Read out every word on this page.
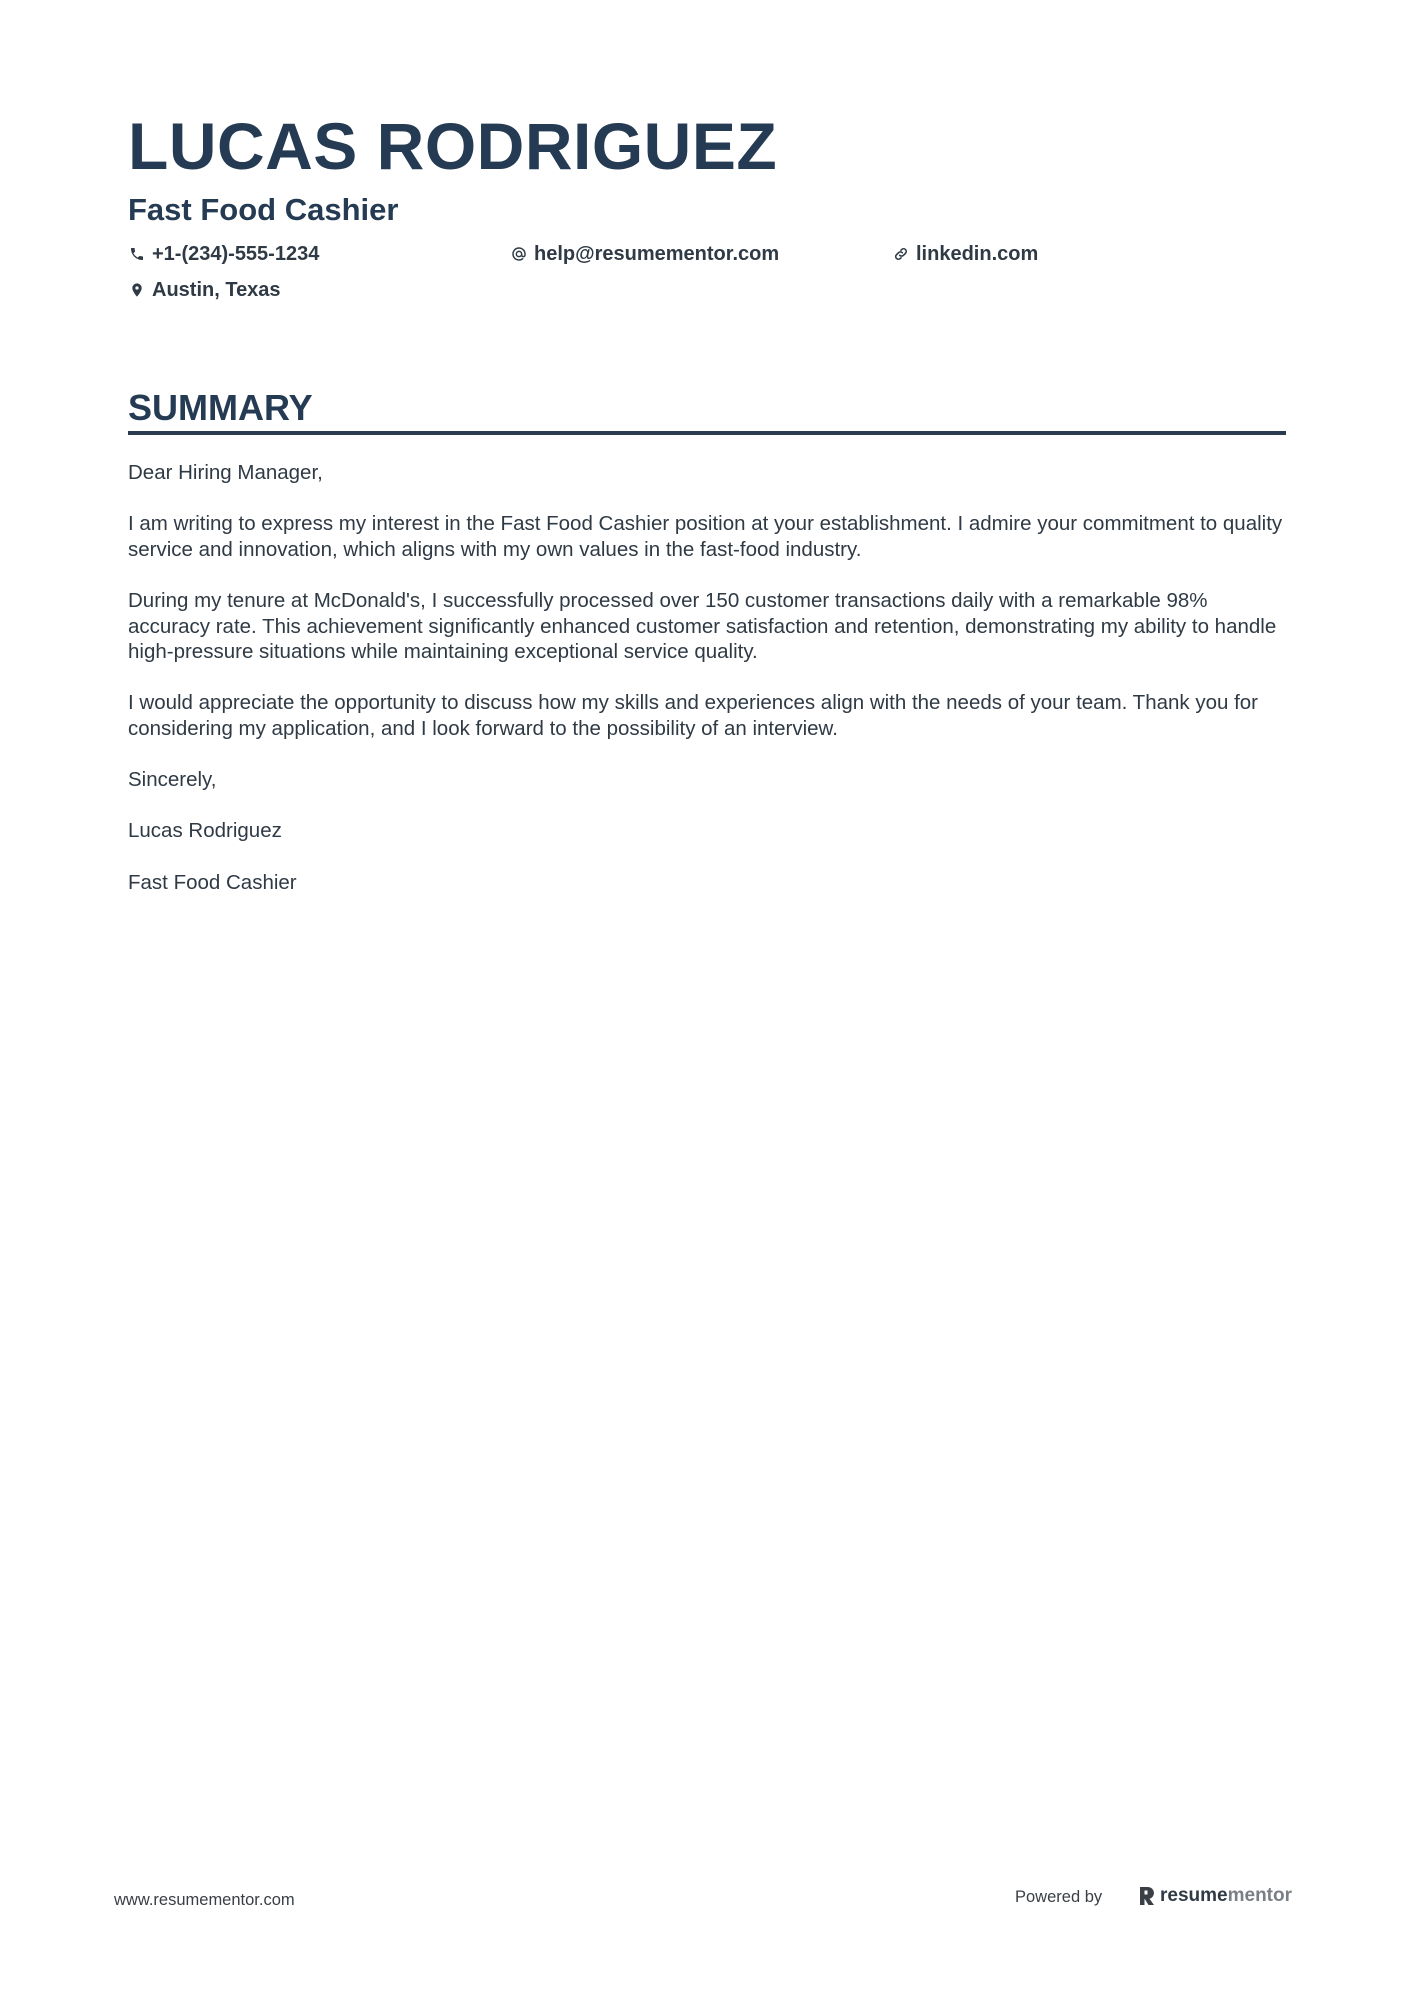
LUCAS RODRIGUEZ
Fast Food Cashier
+1-(234)-555-1234	help@resumementor.com	linkedin.com
Austin, Texas
SUMMARY

Dear Hiring Manager,

I am writing to express my interest in the Fast Food Cashier position at your establishment. I admire your commitment to quality service and innovation, which aligns with my own values in the fast-food industry.

During my tenure at McDonald's, I successfully processed over 150 customer transactions daily with a remarkable 98% accuracy rate. This achievement significantly enhanced customer satisfaction and retention, demonstrating my ability to handle high-pressure situations while maintaining exceptional service quality.

I would appreciate the opportunity to discuss how my skills and experiences align with the needs of your team. Thank you for considering my application, and I look forward to the possibility of an interview.

Sincerely,

Lucas Rodriguez

Fast Food Cashier

www.resumementor.com	Powered by	resume mentor
